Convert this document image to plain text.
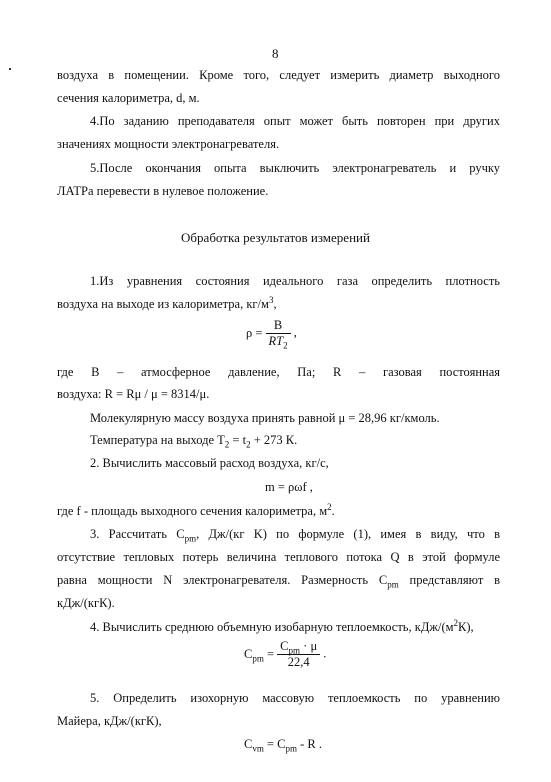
8
воздуха в помещении. Кроме того, следует измерить диаметр выходного
сечения калориметра, d, м.
4.По заданию преподавателя опыт может быть повторен при других
значениях мощности электронагревателя.
5.После окончания опыта выключить электронагреватель и ручку
ЛАТРа перевести в нулевое положение.
Обработка результатов измерений
1.Из уравнения состояния идеального газа определить плотность
воздуха на выходе из калориметра, $кг/м^3$,
$\rho = \frac{B}{RT_2}$ ,
где В – атмосферное давление, Па; R – газовая постоянная
воздуха: R = Rμ / μ = 8314/μ.
Молекулярную массу воздуха принять равной μ = 28,96 кг/кмоль.
Температура на выходе $T_2 = t_2 + 273$ К.
2. Вычислить массовый расход воздуха, кг/с,
m = ρωf ,
где f - площадь выходного сечения калориметра, $м^2$.
3. Рассчитать $C_{рm}$, Дж/(кг K) по формуле (1), имея в виду, что в
отсутствие тепловых потерь величина теплового потока Q в этой формуле
равна мощности N электронагревателя. Размерность $C_{pm}$ представляют в
кДж/(кгК).
4. Вычислить среднюю объемную изобарную теплоемкость, кДж/$(м^2К)$,
$C_{рm} = \frac{C_{pm} \cdot \mu}{22,4}$ .
5. Определить изохорную массовую теплоемкость по уравнению
Майера, кДж/(кгК),
$C_{vm} = C_{pm} - R$ .
